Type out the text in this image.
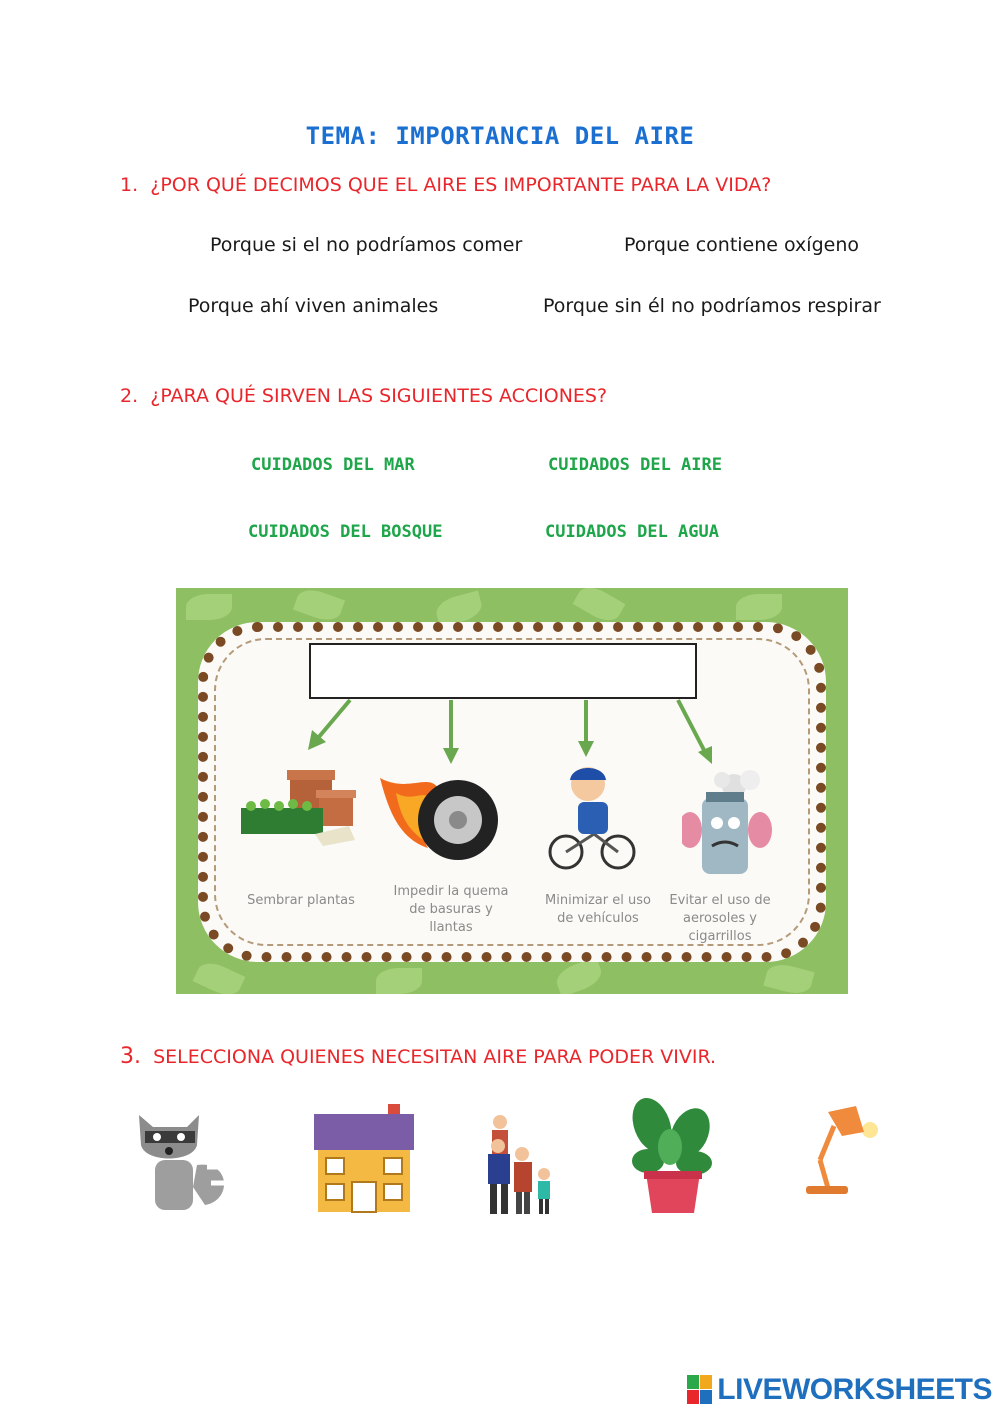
TEMA: IMPORTANCIA DEL AIRE
1. ¿POR QUÉ DECIMOS QUE EL AIRE ES IMPORTANTE PARA LA VIDA?
Porque si el no podríamos comer	Porque contiene oxígeno
Porque ahí viven animales	Porque sin él no podríamos respirar
2. ¿PARA QUÉ SIRVEN LAS SIGUIENTES ACCIONES?
CUIDADOS DEL MAR	CUIDADOS DEL AIRE
CUIDADOS DEL BOSQUE	CUIDADOS DEL AGUA
Sembrar plantas
Impedir la quema de basuras y llantas
Minimizar el uso de vehículos
Evitar el uso de aerosoles y cigarrillos
3. SELECCIONA QUIENES NECESITAN AIRE PARA PODER VIVIR.
LIVEWORKSHEETS
